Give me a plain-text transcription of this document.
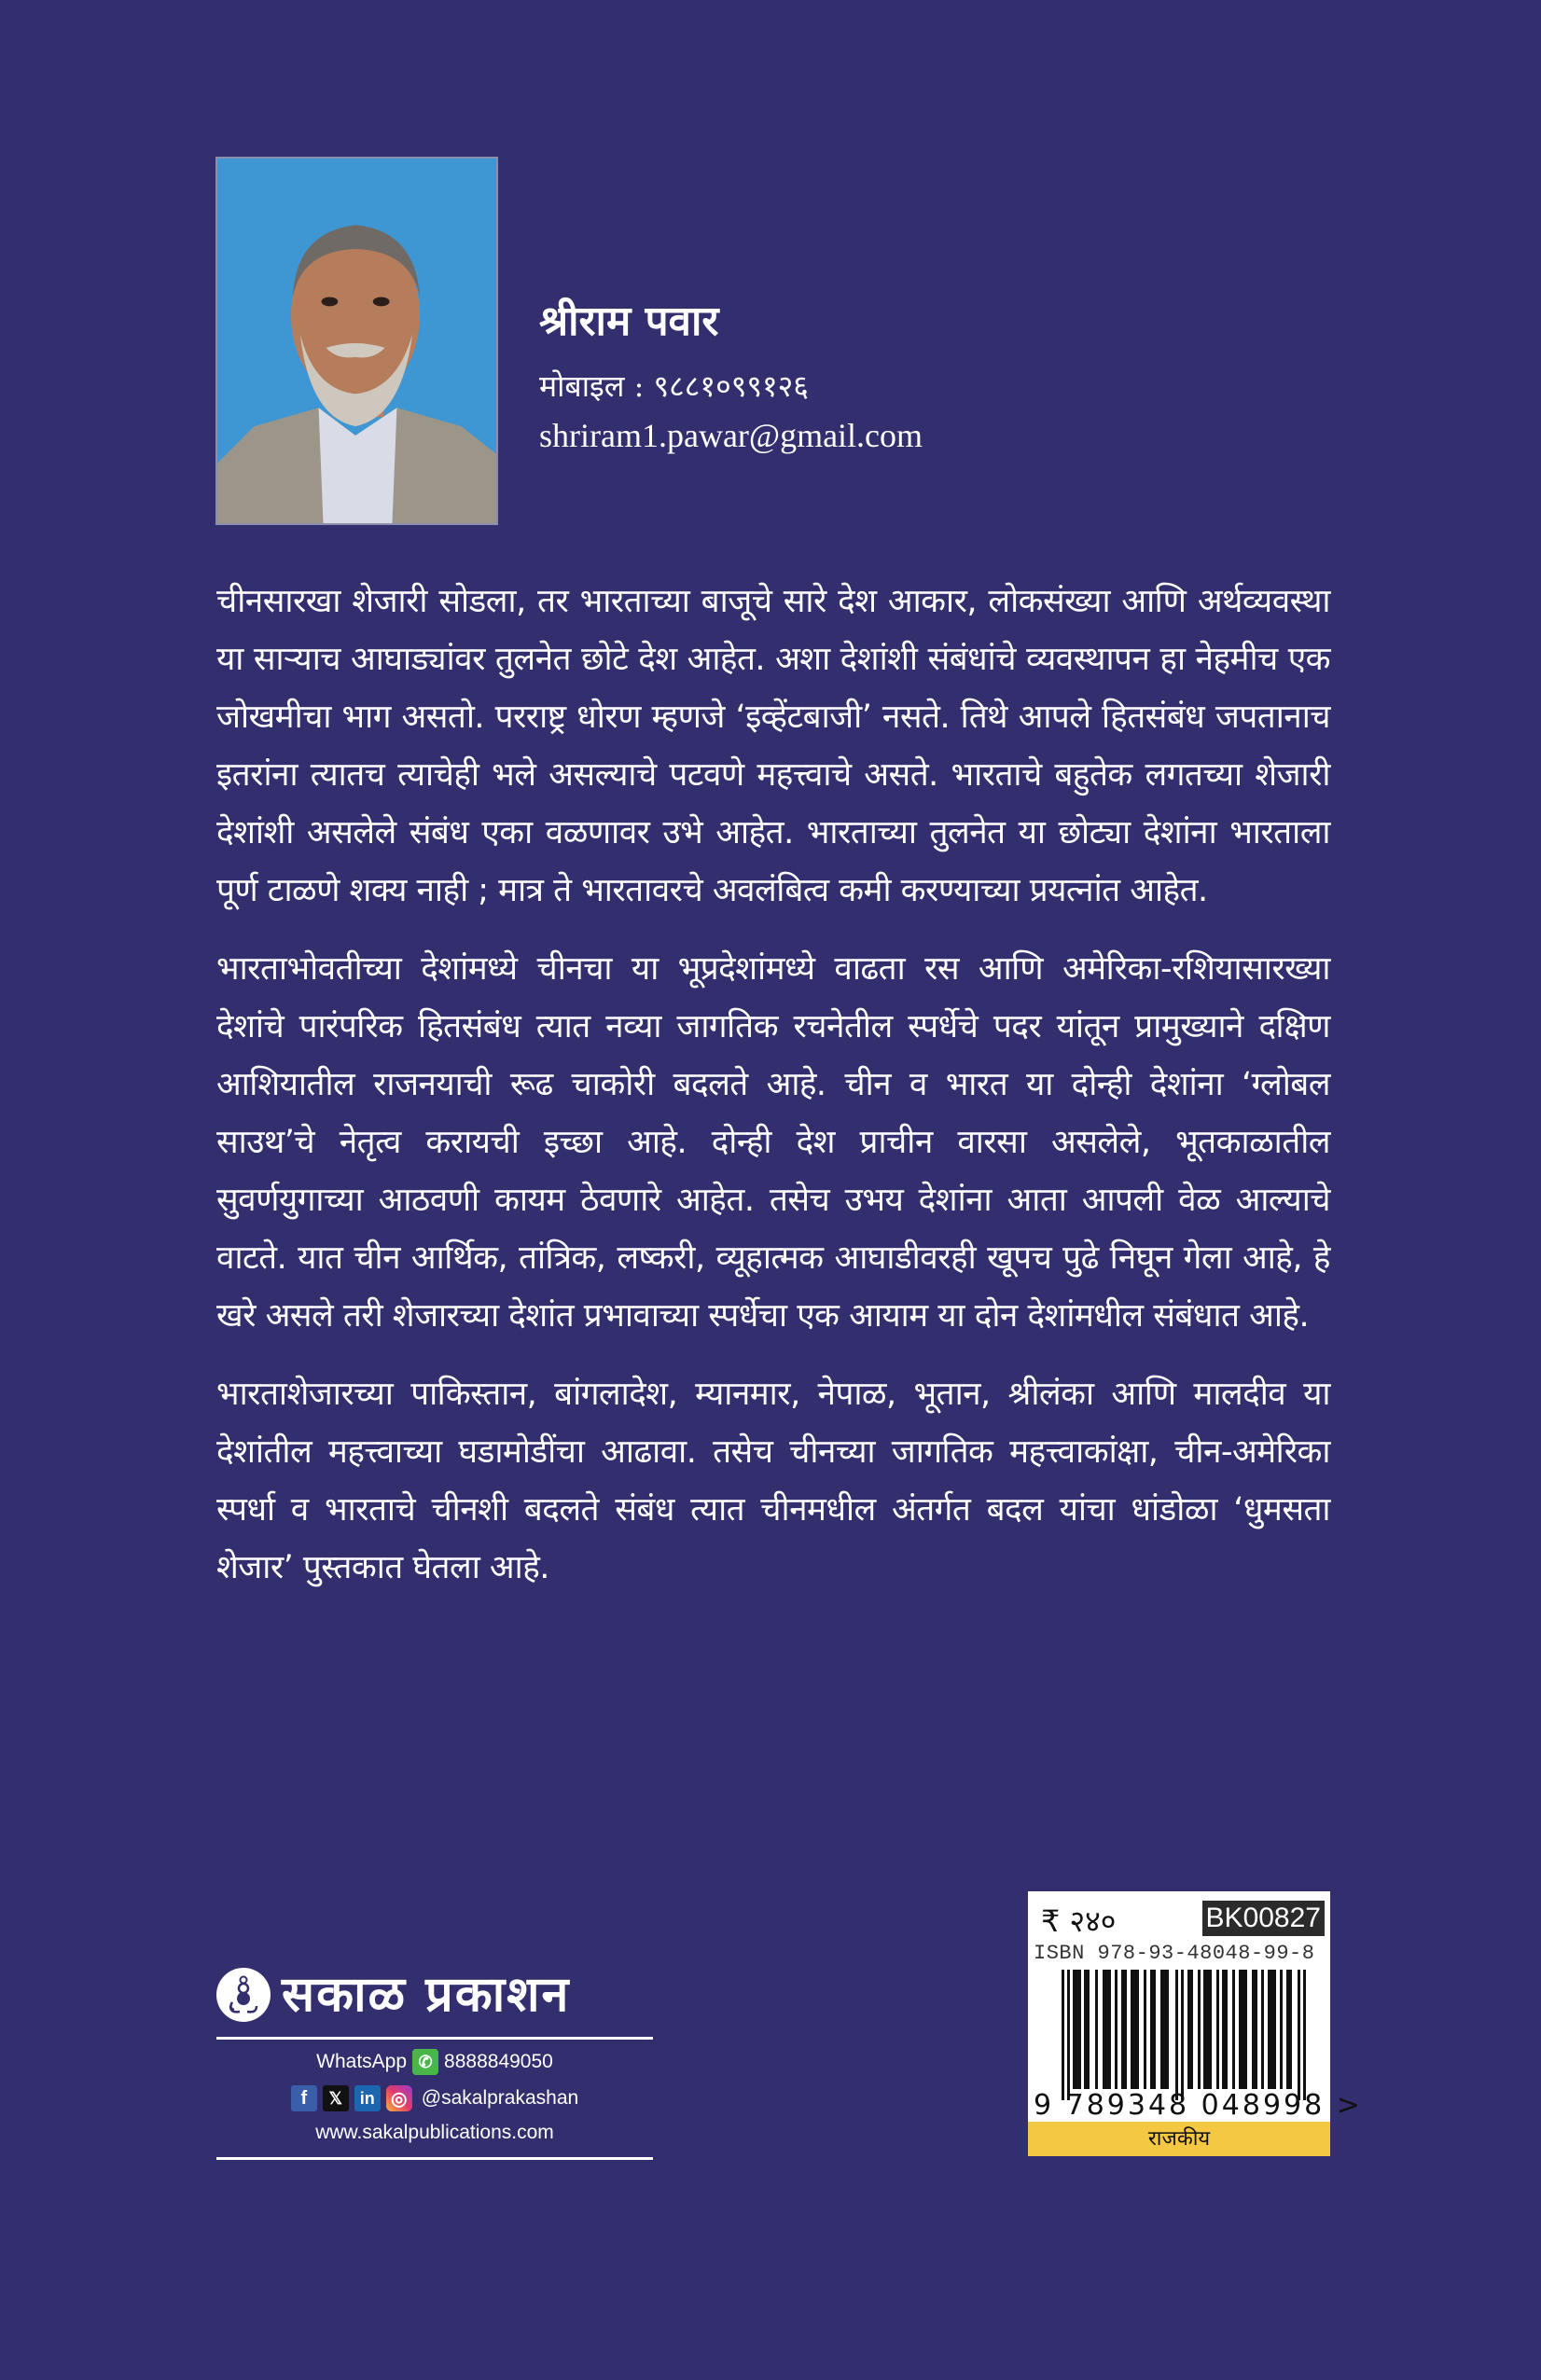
श्रीराम पवार
मोबाइल : ९८८१०९९१२६
shriram1.pawar@gmail.com

चीनसारखा शेजारी सोडला, तर भारताच्या बाजूचे सारे देश आकार, लोकसंख्या आणि अर्थव्यवस्था या साऱ्याच आघाड्यांवर तुलनेत छोटे देश आहेत. अशा देशांशी संबंधांचे व्यवस्थापन हा नेहमीच एक जोखमीचा भाग असतो. परराष्ट्र धोरण म्हणजे ‘इव्हेंटबाजी’ नसते. तिथे आपले हितसंबंध जपतानाच इतरांना त्यातच त्याचेही भले असल्याचे पटवणे महत्त्वाचे असते. भारताचे बहुतेक लगतच्या शेजारी देशांशी असलेले संबंध एका वळणावर उभे आहेत. भारताच्या तुलनेत या छोट्या देशांना भारताला पूर्ण टाळणे शक्य नाही ; मात्र ते भारतावरचे अवलंबित्व कमी करण्याच्या प्रयत्नांत आहेत.

भारताभोवतीच्या देशांमध्ये चीनचा या भूप्रदेशांमध्ये वाढता रस आणि अमेरिका-रशियासारख्या देशांचे पारंपरिक हितसंबंध त्यात नव्या जागतिक रचनेतील स्पर्धेचे पदर यांतून प्रामुख्याने दक्षिण आशियातील राजनयाची रूढ चाकोरी बदलते आहे. चीन व भारत या दोन्ही देशांना ‘ग्लोबल साउथ’चे नेतृत्व करायची इच्छा आहे. दोन्ही देश प्राचीन वारसा असलेले, भूतकाळातील सुवर्णयुगाच्या आठवणी कायम ठेवणारे आहेत. तसेच उभय देशांना आता आपली वेळ आल्याचे वाटते. यात चीन आर्थिक, तांत्रिक, लष्करी, व्यूहात्मक आघाडीवरही खूपच पुढे निघून गेला आहे, हे खरे असले तरी शेजारच्या देशांत प्रभावाच्या स्पर्धेचा एक आयाम या दोन देशांमधील संबंधात आहे.

भारताशेजारच्या पाकिस्तान, बांगलादेश, म्यानमार, नेपाळ, भूतान, श्रीलंका आणि मालदीव या देशांतील महत्त्वाच्या घडामोडींचा आढावा. तसेच चीनच्या जागतिक महत्त्वाकांक्षा, चीन-अमेरिका स्पर्धा व भारताचे चीनशी बदलते संबंध त्यात चीनमधील अंतर्गत बदल यांचा धांडोळा ‘धुमसता शेजार’ पुस्तकात घेतला आहे.

सकाळ प्रकाशन
WhatsApp ✆ 8888849050
f	𝕏	in ◎ @sakalprakashan
www.sakalpublications.com
₹ २४०	BK00827
ISBN 978-93-48048-99-8
9 789348 048998 >
राजकीय
